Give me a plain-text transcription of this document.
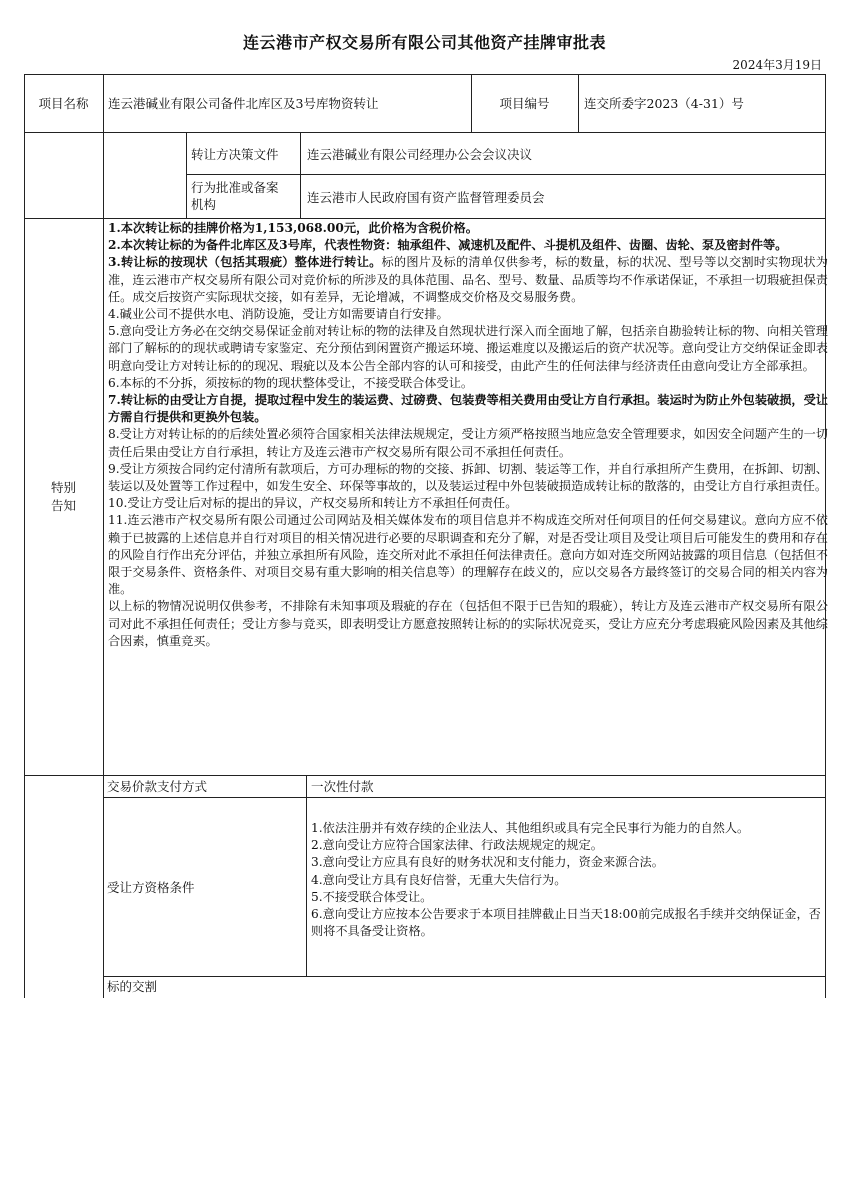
连云港市产权交易所有限公司其他资产挂牌审批表
2024年3月19日
项目名称	连云港碱业有限公司备件北库区及3号库物资转让	项目编号	连交所委字2023（4-31）号
转让方决策文件	连云港碱业有限公司经理办公会会议决议
行为批准或备案
机构	连云港市人民政府国有资产监督管理委员会
特别
告知

1.本次转让标的挂牌价格为1,153,068.00元，此价格为含税价格。

2.本次转让标的为备件北库区及3号库，代表性物资：轴承组件、减速机及配件、斗提机及组件、齿圈、齿轮、泵及密封件等。

3.转让标的按现状（包括其瑕疵）整体进行转让。标的图片及标的清单仅供参考，标的数量，标的状况、型号等以交割时实物现状为准，连云港市产权交易所有限公司对竞价标的所涉及的具体范围、品名、型号、数量、品质等均不作承诺保证，不承担一切瑕疵担保责任。成交后按资产实际现状交接，如有差异，无论增减，不调整成交价格及交易服务费。

4.碱业公司不提供水电、消防设施，受让方如需要请自行安排。

5.意向受让方务必在交纳交易保证金前对转让标的物的法律及自然现状进行深入而全面地了解，包括亲自勘验转让标的物、向相关管理部门了解标的的现状或聘请专家鉴定、充分预估到闲置资产搬运环境、搬运难度以及搬运后的资产状况等。意向受让方交纳保证金即表明意向受让方对转让标的的现况、瑕疵以及本公告全部内容的认可和接受，由此产生的任何法律与经济责任由意向受让方全部承担。

6.本标的不分拆，须按标的物的现状整体受让，不接受联合体受让。

7.转让标的由受让方自提，提取过程中发生的装运费、过磅费、包装费等相关费用由受让方自行承担。装运时为防止外包装破损，受让方需自行提供和更换外包装。

8.受让方对转让标的的后续处置必须符合国家相关法律法规规定，受让方须严格按照当地应急安全管理要求，如因安全问题产生的一切责任后果由受让方自行承担，转让方及连云港市产权交易所有限公司不承担任何责任。

9.受让方须按合同约定付清所有款项后，方可办理标的物的交接、拆卸、切割、装运等工作，并自行承担所产生费用，在拆卸、切割、装运以及处置等工作过程中，如发生安全、环保等事故的，以及装运过程中外包装破损造成转让标的散落的，由受让方自行承担责任。

10.受让方受让后对标的提出的异议，产权交易所和转让方不承担任何责任。

11.连云港市产权交易所有限公司通过公司网站及相关媒体发布的项目信息并不构成连交所对任何项目的任何交易建议。意向方应不依赖于已披露的上述信息并自行对项目的相关情况进行必要的尽职调查和充分了解，对是否受让项目及受让项目后可能发生的费用和存在的风险自行作出充分评估，并独立承担所有风险，连交所对此不承担任何法律责任。意向方如对连交所网站披露的项目信息（包括但不限于交易条件、资格条件、对项目交易有重大影响的相关信息等）的理解存在歧义的，应以交易各方最终签订的交易合同的相关内容为准。

以上标的物情况说明仅供参考，不排除有未知事项及瑕疵的存在（包括但不限于已告知的瑕疵），转让方及连云港市产权交易所有限公司对此不承担任何责任；受让方参与竞买，即表明受让方愿意按照转让标的的实际状况竞买，受让方应充分考虑瑕疵风险因素及其他综合因素，慎重竞买。

交易价款支付方式	一次性付款
受让方资格条件

1.依法注册并有效存续的企业法人、其他组织或具有完全民事行为能力的自然人。

2.意向受让方应符合国家法律、行政法规规定的规定。

3.意向受让方应具有良好的财务状况和支付能力，资金来源合法。

4.意向受让方具有良好信誉，无重大失信行为。

5.不接受联合体受让。

6.意向受让方应按本公告要求于本项目挂牌截止日当天18:00前完成报名手续并交纳保证金，否则将不具备受让资格。

标的交割
